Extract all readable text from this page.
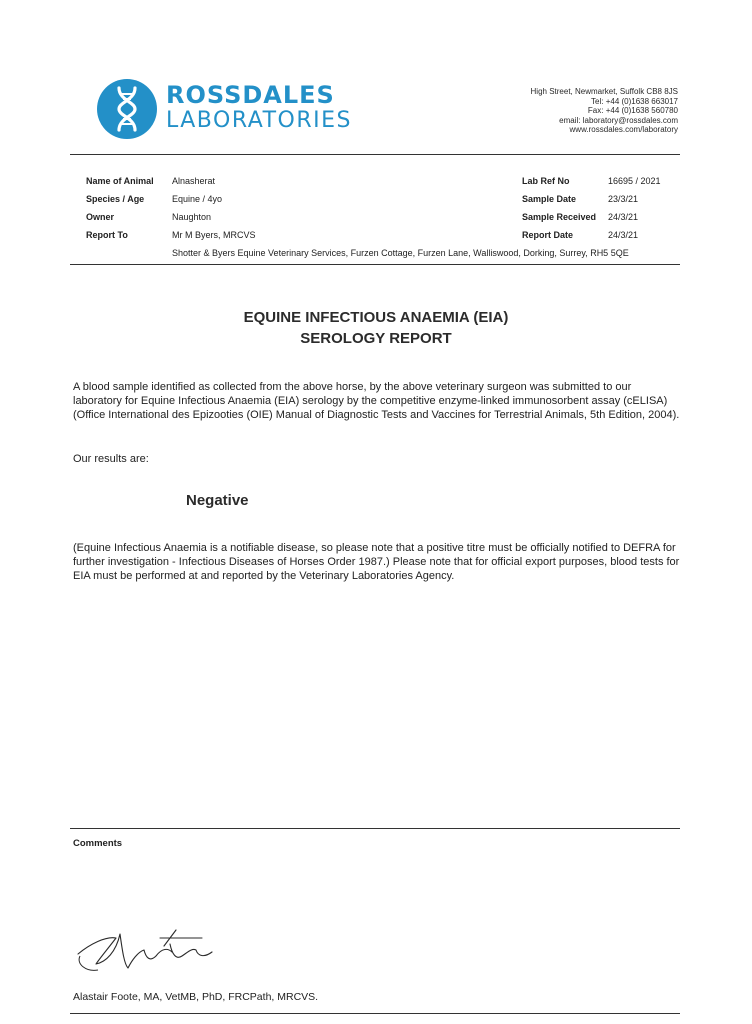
ROSSDALES
LABORATORIES
High Street, Newmarket, Suffolk CB8 8JS
Tel: +44 (0)1638 663017
Fax: +44 (0)1638 560780
email: laboratory@rossdales.com
www.rossdales.com/laboratory
Name of Animal
Species / Age
Owner
Report To
Alnasherat
Equine / 4yo
Naughton
Mr M Byers, MRCVS
Shotter & Byers Equine Veterinary Services, Furzen Cottage, Furzen Lane, Walliswood, Dorking, Surrey, RH5 5QE
Lab Ref No
Sample Date
Sample Received
Report Date
16695 / 2021
23/3/21
24/3/21
24/3/21
EQUINE INFECTIOUS ANAEMIA (EIA)
SEROLOGY REPORT
A blood sample identified as collected from the above horse, by the above veterinary surgeon was submitted to our laboratory for Equine Infectious Anaemia (EIA) serology by the competitive enzyme-linked immunosorbent assay (cELISA) (Office International des Epizooties (OIE) Manual of Diagnostic Tests and Vaccines for Terrestrial Animals, 5th Edition, 2004).
Our results are:
Negative
(Equine Infectious Anaemia is a notifiable disease, so please note that a positive titre must be officially notified to DEFRA for further investigation - Infectious Diseases of Horses Order 1987.) Please note that for official export purposes, blood tests for EIA must be performed at and reported by the Veterinary Laboratories Agency.
Comments
Alastair Foote, MA, VetMB, PhD, FRCPath, MRCVS.
